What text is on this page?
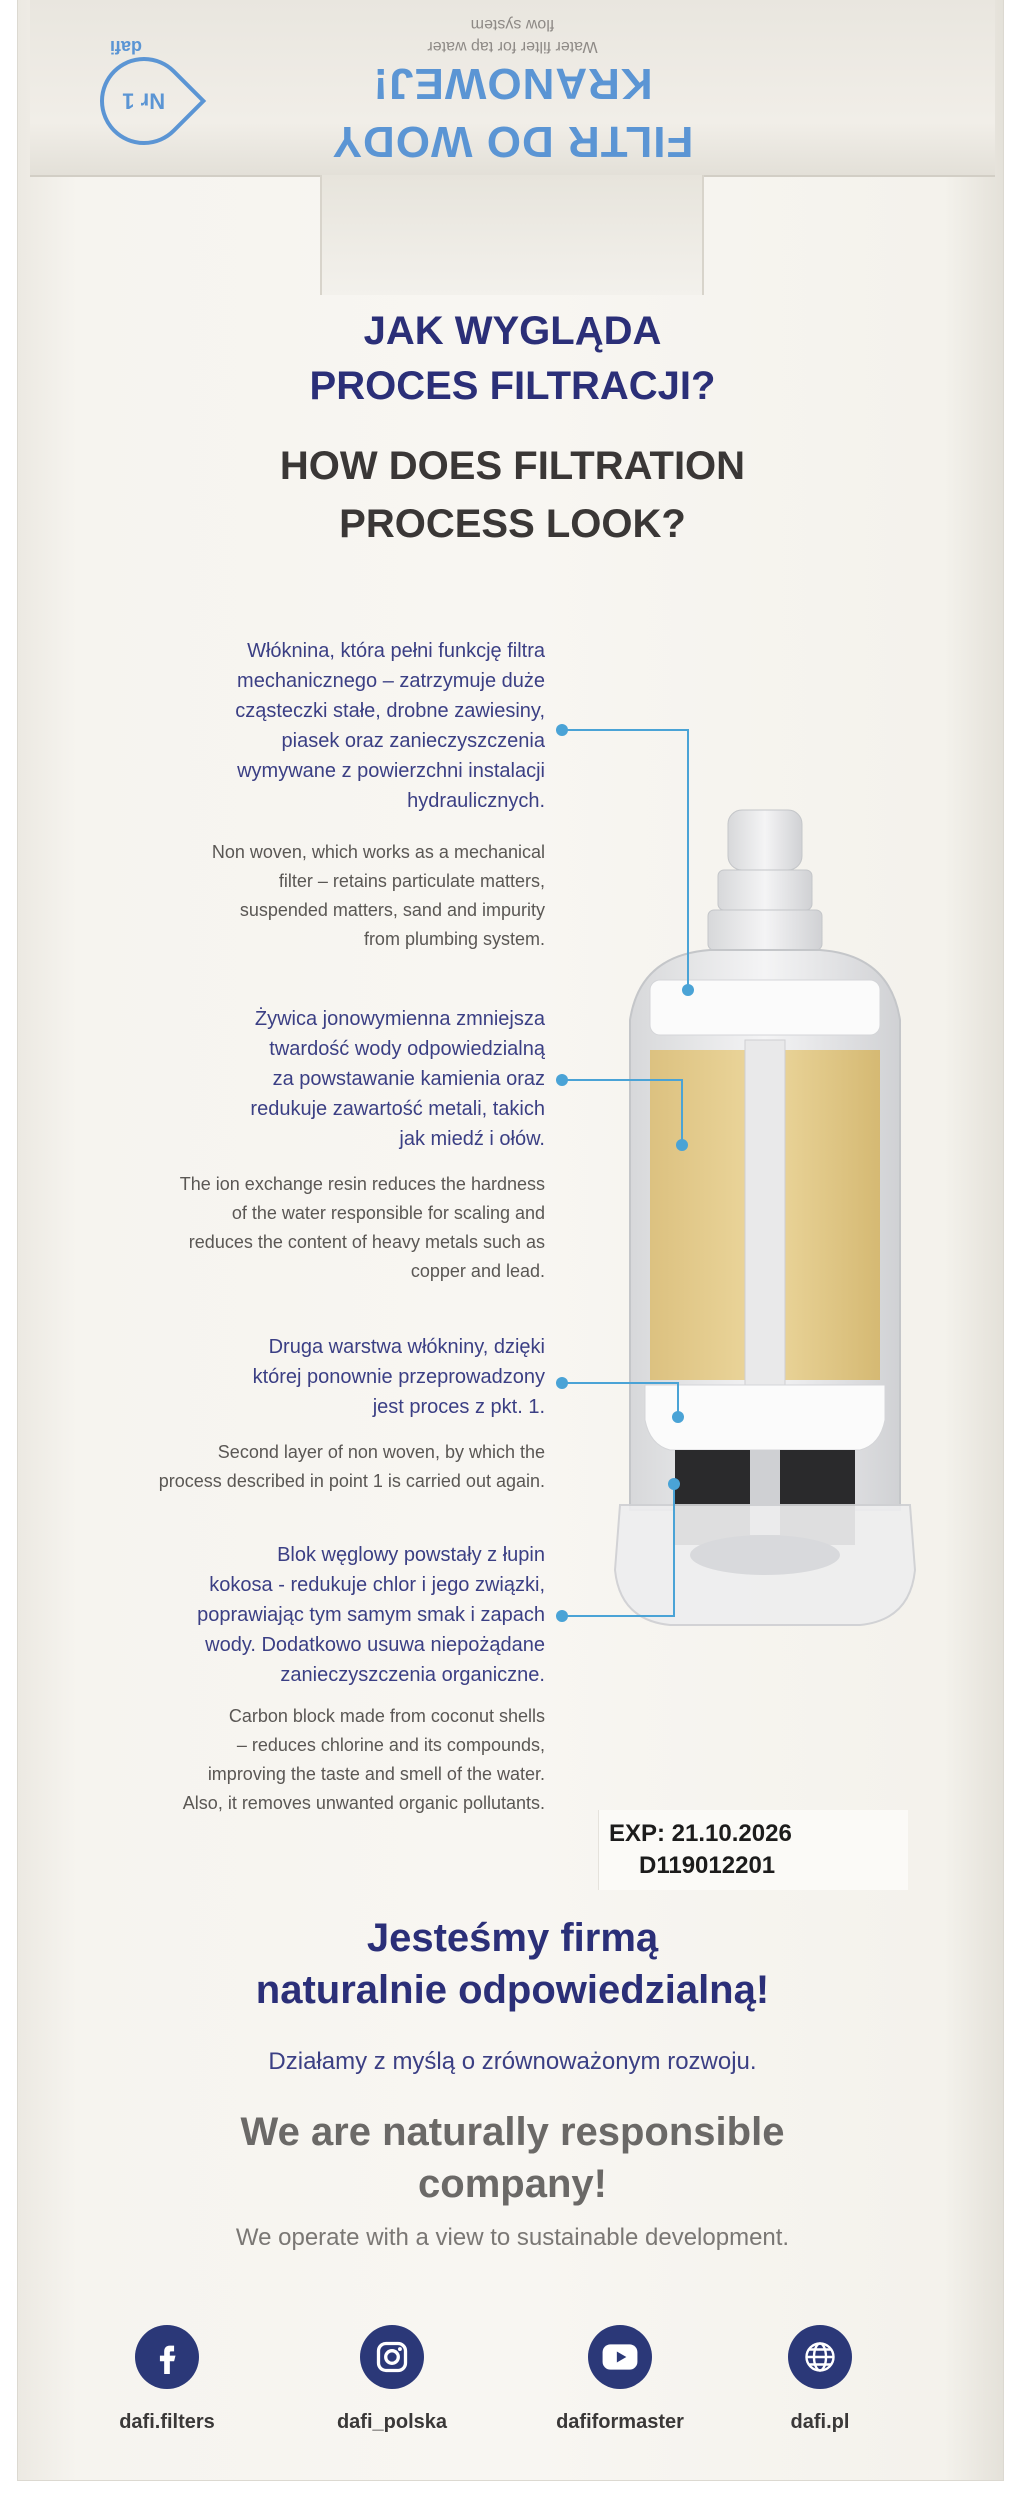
FILTR DO WODY
KRANOWEJ!
Water filter for tap water
flow system
Nr 1
dafi
JAK WYGLĄDA
PROCES FILTRACJI?
HOW DOES FILTRATION
PROCESS LOOK?
Włóknina, która pełni funkcję filtra
mechanicznego – zatrzymuje duże
cząsteczki stałe, drobne zawiesiny,
piasek oraz zanieczyszczenia
wymywane z powierzchni instalacji
hydraulicznych.
Non woven, which works as a mechanical
filter – retains particulate matters,
suspended matters, sand and impurity
from plumbing system.
Żywica jonowymienna zmniejsza
twardość wody odpowiedzialną
za powstawanie kamienia oraz
redukuje zawartość metali, takich
jak miedź i ołów.
The ion exchange resin reduces the hardness
of the water responsible for scaling and
reduces the content of heavy metals such as
copper and lead.
Druga warstwa włókniny, dzięki
której ponownie przeprowadzony
jest proces z pkt. 1.
Second layer of non woven, by which the
process described in point 1 is carried out again.
Blok węglowy powstały z łupin
kokosa - redukuje chlor i jego związki,
poprawiając tym samym smak i zapach
wody. Dodatkowo usuwa niepożądane
zanieczyszczenia organiczne.
Carbon block made from coconut shells
– reduces chlorine and its compounds,
improving the taste and smell of the water.
Also, it removes unwanted organic pollutants.
EXP: 21.10.2026
D119012201
Jesteśmy firmą
naturalnie odpowiedzialną!
Działamy z myślą o zrównoważonym rozwoju.
We are naturally responsible
company!
We operate with a view to sustainable development.
dafi.filters	dafi_polska	dafiformaster	dafi.pl
